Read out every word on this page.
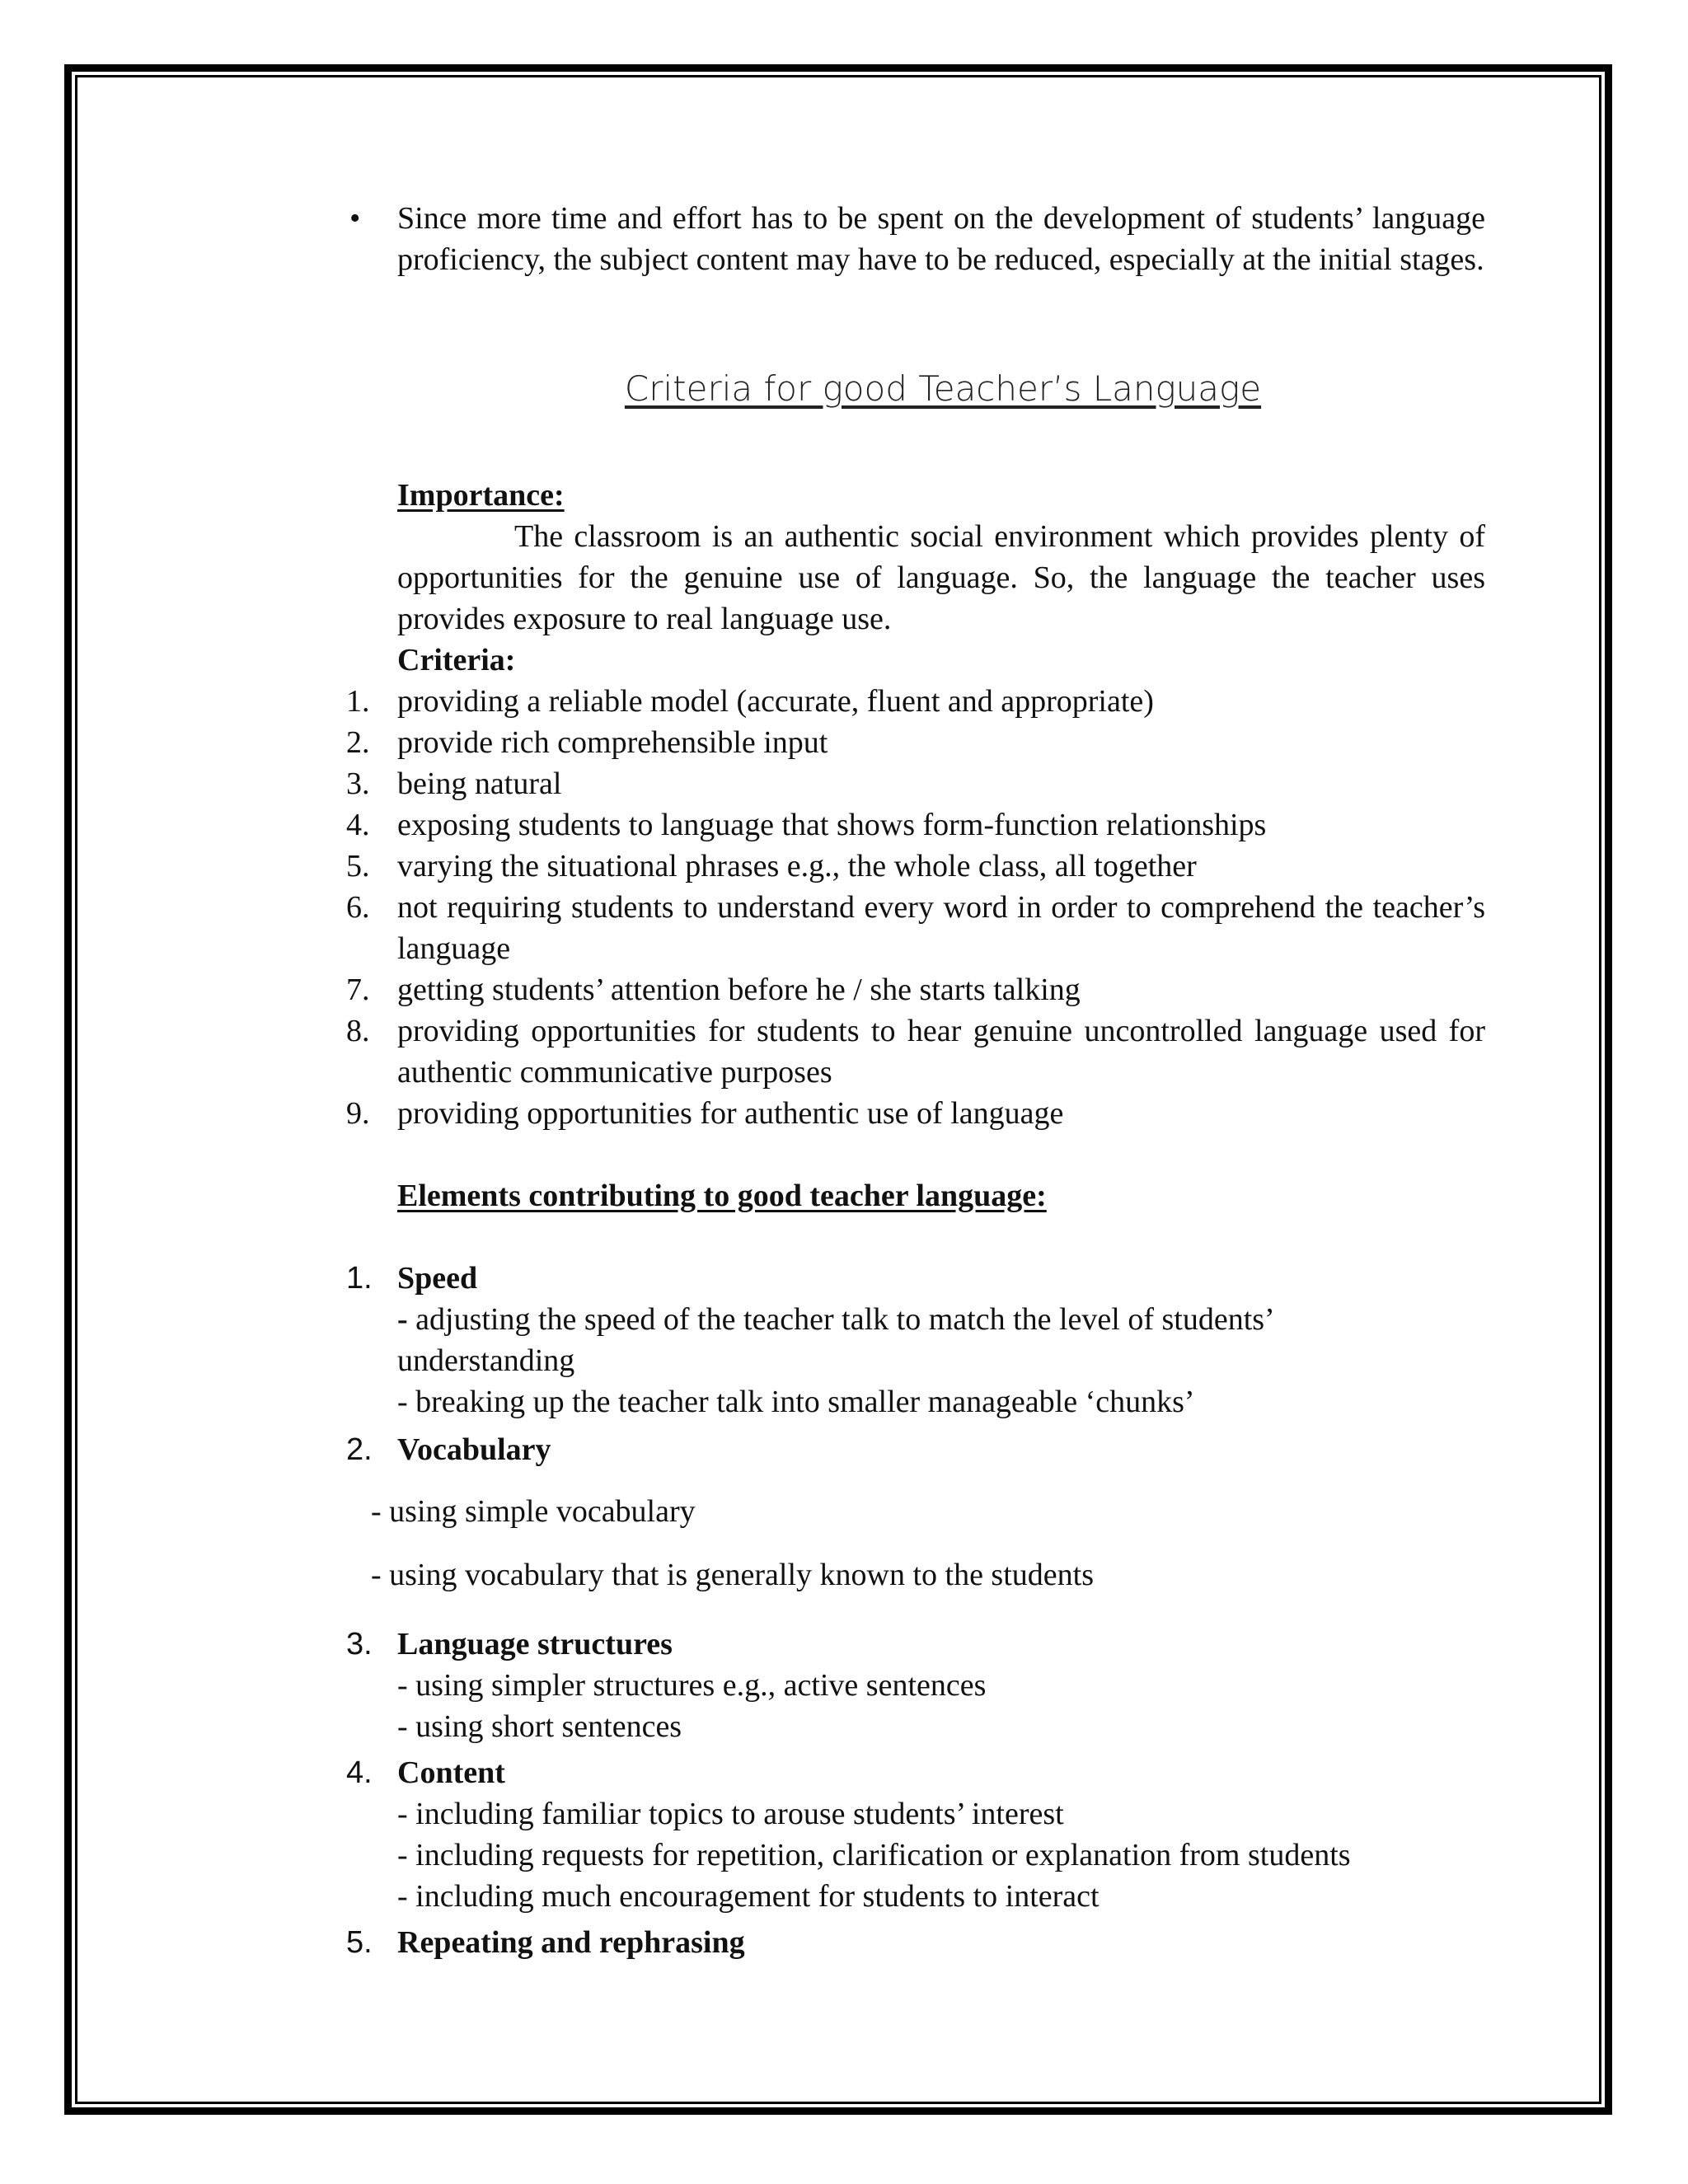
• Since more time and effort has to be spent on the development of students’ language proficiency, the subject content may have to be reduced, especially at the initial stages.

Criteria for good Teacher’s Language

Importance:

The classroom is an authentic social environment which provides plenty of opportunities for the genuine use of language. So, the language the teacher uses provides exposure to real language use.

Criteria:

1. providing a reliable model (accurate, fluent and appropriate)
2. provide rich comprehensible input
3. being natural
4. exposing students to language that shows form-function relationships
5. varying the situational phrases e.g., the whole class, all together
6. not requiring students to understand every word in order to comprehend the teacher’s language
7. getting students’ attention before he / she starts talking
8. providing opportunities for students to hear genuine uncontrolled language used for authentic communicative purposes
9. providing opportunities for authentic use of language

Elements contributing to good teacher language:

1. Speed
- adjusting the speed of the teacher talk to match the level of students’
understanding
- breaking up the teacher talk into smaller manageable ‘chunks’
2. Vocabulary
- using simple vocabulary
- using vocabulary that is generally known to the students
3. Language structures
- using simpler structures e.g., active sentences
- using short sentences
4. Content
- including familiar topics to arouse students’ interest
- including requests for repetition, clarification or explanation from students
- including much encouragement for students to interact
5. Repeating and rephrasing
